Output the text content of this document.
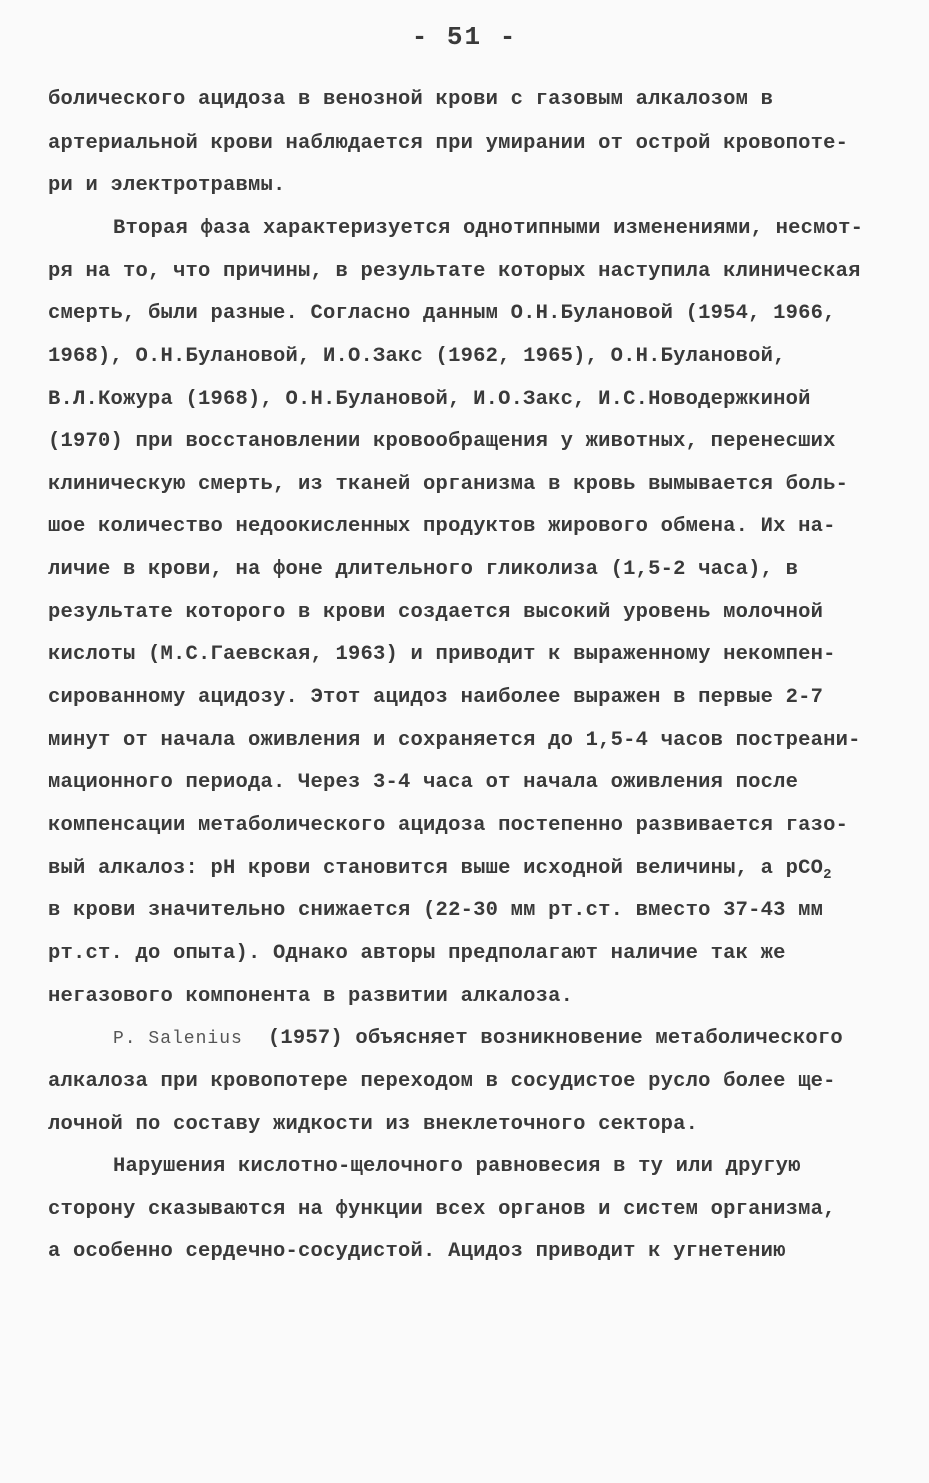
- 51 -
болического ацидоза в венозной крови с газовым алкалозом в
артериальной крови наблюдается при умирании от острой кровопоте-
ри и электротравмы.
Вторая фаза характеризуется однотипными изменениями, несмот-
ря на то, что причины, в результате которых наступила клиническая
смерть, были разные. Согласно данным О.Н.Булановой (1954, 1966,
1968), О.Н.Булановой, И.О.Закс (1962, 1965), О.Н.Булановой,
В.Л.Кожура (1968), О.Н.Булановой, И.О.Закс, И.С.Новодержкиной
(1970) при восстановлении кровообращения у животных, перенесших
клиническую смерть, из тканей организма в кровь вымывается боль-
шое количество недоокисленных продуктов жирового обмена. Их на-
личие в крови, на фоне длительного гликолиза (1,5-2 часа), в
результате которого в крови создается высокий уровень молочной
кислоты (М.С.Гаевская, 1963) и приводит к выраженному некомпен-
сированному ацидозу. Этот ацидоз наиболее выражен в первые 2-7
минут от начала оживления и сохраняется до 1,5-4 часов постреани-
мационного периода. Через 3-4 часа от начала оживления после
компенсации метаболического ацидоза постепенно развивается газо-
вый алкалоз: pH крови становится выше исходной величины, а pCO$_2$
в крови значительно снижается (22-30 мм рт.ст. вместо 37-43 мм
рт.ст. до опыта). Однако авторы предполагают наличие так же
негазового компонента в развитии алкалоза.
P. Salenius (1957) объясняет возникновение метаболического
алкалоза при кровопотере переходом в сосудистое русло более ще-
лочной по составу жидкости из внеклеточного сектора.
Нарушения кислотно-щелочного равновесия в ту или другую
сторону сказываются на функции всех органов и систем организма,
а особенно сердечно-сосудистой. Ацидоз приводит к угнетению
